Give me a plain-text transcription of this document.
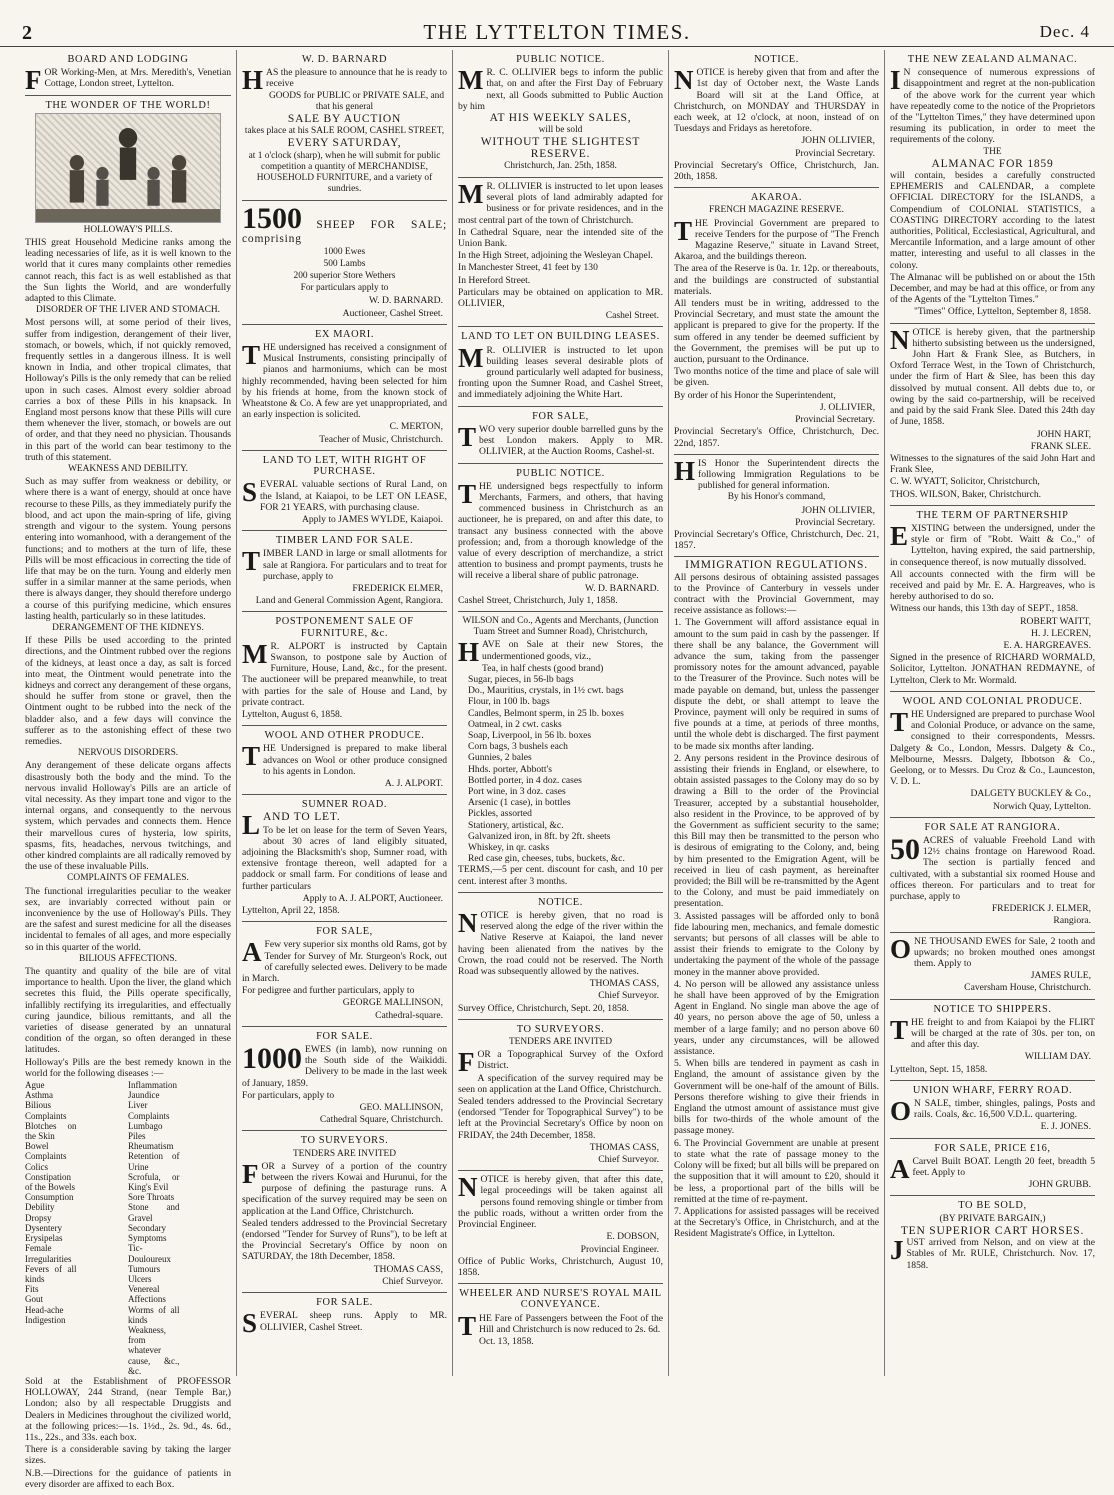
2	THE LYTTELTON TIMES.	Dec. 4
BOARD AND LODGING

FOR Working-Men, at Mrs. Meredith's, Venetian Cottage, London street, Lyttelton.

THE WONDER OF THE WORLD!
HOLLOWAY'S PILLS.

THIS great Household Medicine ranks among the leading necessaries of life, as it is well known to the world that it cures many complaints other remedies cannot reach, this fact is as well established as that the Sun lights the World, and are wonderfully adapted to this Climate.

DISORDER OF THE LIVER AND STOMACH.

Most persons will, at some period of their lives, suffer from indigestion, derangement of their liver, stomach, or bowels, which, if not quickly removed, frequently settles in a dangerous illness. It is well known in India, and other tropical climates, that Holloway's Pills is the only remedy that can be relied upon in such cases. Almost every soldier abroad carries a box of these Pills in his knapsack. In England most persons know that these Pills will cure them whenever the liver, stomach, or bowels are out of order, and that they need no physician. Thousands in this part of the world can bear testimony to the truth of this statement.

WEAKNESS AND DEBILITY.

Such as may suffer from weakness or debility, or where there is a want of energy, should at once have recourse to these Pills, as they immediately purify the blood, and act upon the main-spring of life, giving strength and vigour to the system. Young persons entering into womanhood, with a derangement of the functions; and to mothers at the turn of life, these Pills will be most efficacious in correcting the tide of life that may be on the turn. Young and elderly men suffer in a similar manner at the same periods, when there is always danger, they should therefore undergo a course of this purifying medicine, which ensures lasting health, particularly so in these latitudes.

DERANGEMENT OF THE KIDNEYS.

If these Pills be used according to the printed directions, and the Ointment rubbed over the regions of the kidneys, at least once a day, as salt is forced into meat, the Ointment would penetrate into the kidneys and correct any derangement of these organs, should he suffer from stone or gravel, then the Ointment ought to be rubbed into the neck of the bladder also, and a few days will convince the sufferer as to the astonishing effect of these two remedies.

NERVOUS DISORDERS.

Any derangement of these delicate organs affects disastrously both the body and the mind. To the nervous invalid Holloway's Pills are an article of vital necessity. As they impart tone and vigor to the internal organs, and consequently to the nervous system, which pervades and connects them. Hence their marvellous cures of hysteria, low spirits, spasms, fits, headaches, nervous twitchings, and other kindred complaints are all radically removed by the use of these invaluable Pills.

COMPLAINTS OF FEMALES.

The functional irregularities peculiar to the weaker sex, are invariably corrected without pain or inconvenience by the use of Holloway's Pills. They are the safest and surest medicine for all the diseases incidental to females of all ages, and more especially so in this quarter of the world.

BILIOUS AFFECTIONS.

The quantity and quality of the bile are of vital importance to health. Upon the liver, the gland which secretes this fluid, the Pills operate specifically, infallibly rectifying its irregularities, and effectually curing jaundice, bilious remittants, and all the varieties of disease generated by an unnatural condition of the organ, so often deranged in these latitudes.

Holloway's Pills are the best remedy known in the world for the following diseases :—

Ague
Asthma
Bilious Complaints
Blotches on the Skin
Bowel Complaints
Colics
Constipation of the Bowels
Consumption
Debility
Dropsy
Dysentery
Erysipelas
Female Irregularities
Fevers of all kinds
Fits
Gout
Head-ache
Indigestion
Inflammation
Jaundice
Liver Complaints
Lumbago
Piles
Rheumatism
Retention of Urine
Scrofula, or King's Evil
Sore Throats
Stone and Gravel
Secondary Symptoms
Tic-Douloureux
Tumours
Ulcers
Venereal Affections
Worms of all kinds
Weakness, from whatever cause, &c., &c.

Sold at the Establishment of PROFESSOR HOLLOWAY, 244 Strand, (near Temple Bar,) London; also by all respectable Druggists and Dealers in Medicines throughout the civilized world, at the following prices:—1s. 1½d., 2s. 9d., 4s. 6d., 11s., 22s., and 33s. each box.

There is a considerable saving by taking the larger sizes.

N.B.—Directions for the guidance of patients in every disorder are affixed to each Box.

W. D. BARNARD

HAS the pleasure to announce that he is ready to receive

GOODS for PUBLIC or PRIVATE SALE, and that his general
SALE BY AUCTION
takes place at his SALE ROOM, CASHEL STREET,
EVERY SATURDAY,
at 1 o'clock (sharp), when he will submit for public competition a quantity of MERCHANDISE, HOUSEHOLD FURNITURE, and a variety of sundries.

1500 SHEEP FOR SALE; comprising

1000 Ewes
500 Lambs
200 superior Store Wethers
For particulars apply to
W. D. BARNARD.
Auctioneer, Cashel Street.
EX MAORI.

THE undersigned has received a consignment of Musical Instruments, consisting principally of pianos and harmoniums, which can be most highly recommended, having been selected for him by his friends at home, from the known stock of Wheatstone & Co. A few are yet unappropriated, and an early inspection is solicited.

C. MERTON,
Teacher of Music, Christchurch.
LAND TO LET, WITH RIGHT OF PURCHASE.

SEVERAL valuable sections of Rural Land, on the Island, at Kaiapoi, to be LET ON LEASE, FOR 21 YEARS, with purchasing clause.

Apply to JAMES WYLDE, Kaiapoi.
TIMBER LAND FOR SALE.

TIMBER LAND in large or small allotments for sale at Rangiora. For particulars and to treat for purchase, apply to

FREDERICK ELMER,
Land and General Commission Agent, Rangiora.
POSTPONEMENT SALE OF FURNITURE, &c.

M R. ALPORT is instructed by Captain Swanson, to postpone sale by Auction of Furniture, House, Land, &c., for the present. The auctioneer will be prepared meanwhile, to treat with parties for the sale of House and Land, by private contract.

Lyttelton, August 6, 1858.

WOOL AND OTHER PRODUCE.

THE Undersigned is prepared to make liberal advances on Wool or other produce consigned to his agents in London.

A. J. ALPORT.
SUMNER ROAD.

LAND TO LET.

To be let on lease for the term of Seven Years, about 30 acres of land eligibly situated, adjoining the Blacksmith's shop, Sumner road, with extensive frontage thereon, well adapted for a paddock or small farm. For conditions of lease and further particulars

Apply to A. J. ALPORT, Auctioneer.

Lyttelton, April 22, 1858.

FOR SALE,

A Few very superior six months old Rams, got by Tender for Survey of Mr. Sturgeon's Rock, out of carefully selected ewes. Delivery to be made in March.

For pedigree and further particulars, apply to

GEORGE MALLINSON,
Cathedral-square.
FOR SALE.

1000 EWES (in lamb), now running on the South side of the Waikiddi. Delivery to be made in the last week of January, 1859.

For particulars, apply to

GEO. MALLINSON,
Cathedral Square, Christchurch.
TO SURVEYORS.
TENDERS ARE INVITED

FOR a Survey of a portion of the country between the rivers Kowai and Hurunui, for the purpose of defining the pasturage runs. A specification of the survey required may be seen on application at the Land Office, Christchurch.

Sealed tenders addressed to the Provincial Secretary (endorsed "Tender for Survey of Runs"), to be left at the Provincial Secretary's Office by noon on SATURDAY, the 18th December, 1858.

THOMAS CASS,
Chief Surveyor.
FOR SALE.

SEVERAL sheep runs. Apply to MR. OLLIVIER, Cashel Street.

PUBLIC NOTICE.

M R. C. OLLIVIER begs to inform the public that, on and after the First Day of February next, all Goods submitted to Public Auction by him

AT HIS WEEKLY SALES,
will be sold
WITHOUT THE SLIGHTEST RESERVE.
Christchurch, Jan. 25th, 1858.

M R. OLLIVIER is instructed to let upon leases several plots of land admirably adapted for business or for private residences, and in the most central part of the town of Christchurch.

In Cathedral Square, near the intended site of the Union Bank.

In the High Street, adjoining the Wesleyan Chapel.

In Manchester Street, 41 feet by 130

In Hereford Street.

Particulars may be obtained on application to MR. OLLIVIER,

Cashel Street.
LAND TO LET ON BUILDING LEASES.

M R. OLLIVIER is instructed to let upon building leases several desirable plots of ground particularly well adapted for business, fronting upon the Sumner Road, and Cashel Street, and immediately adjoining the White Hart.

FOR SALE,

TWO very superior double barrelled guns by the best London makers. Apply to MR. OLLIVIER, at the Auction Rooms, Cashel-st.

PUBLIC NOTICE.

THE undersigned begs respectfully to inform Merchants, Farmers, and others, that having commenced business in Christchurch as an auctioneer, he is prepared, on and after this date, to transact any business connected with the above profession; and, from a thorough knowledge of the value of every description of merchandize, a strict attention to business and prompt payments, trusts he will receive a liberal share of public patronage.

W. D. BARNARD.

Cashel Street, Christchurch, July 1, 1858.

WILSON and Co., Agents and Merchants, (Junction Tuam Street and Sumner Road), Christchurch,

HAVE on Sale at their new Stores, the undermentioned goods, viz.,

Tea, in half chests (good brand)
Sugar, pieces, in 56-lb bags
Do., Mauritius, crystals, in 1½ cwt. bags
Flour, in 100 lb. bags
Candles, Belmont sperm, in 25 lb. boxes
Oatmeal, in 2 cwt. casks
Soap, Liverpool, in 56 lb. boxes
Corn bags, 3 bushels each
Gunnies, 2 bales
Hhds. porter, Abbott's
Bottled porter, in 4 doz. cases
Port wine, in 3 doz. cases
Arsenic (1 case), in bottles
Pickles, assorted
Stationery, artistical, &c.
Galvanized iron, in 8ft. by 2ft. sheets
Whiskey, in qr. casks
Red case gin, cheeses, tubs, buckets, &c.

TERMS,—5 per cent. discount for cash, and 10 per cent. interest after 3 months.

NOTICE.

NOTICE is hereby given, that no road is reserved along the edge of the river within the Native Reserve at Kaiapoi, the land never having been alienated from the natives by the Crown, the road could not be reserved. The North Road was subsequently allowed by the natives.

THOMAS CASS,
Chief Surveyor.

Survey Office, Christchurch, Sept. 20, 1858.

TO SURVEYORS.
TENDERS ARE INVITED

FOR a Topographical Survey of the Oxford District.

A specification of the survey required may be seen on application at the Land Office, Christchurch.

Sealed tenders addressed to the Provincial Secretary (endorsed "Tender for Topographical Survey") to be left at the Provincial Secretary's Office by noon on FRIDAY, the 24th December, 1858.

THOMAS CASS,
Chief Surveyor.

NOTICE is hereby given, that after this date, legal proceedings will be taken against all persons found removing shingle or timber from the public roads, without a written order from the Provincial Engineer.

E. DOBSON,
Provincial Engineer.

Office of Public Works, Christchurch, August 10, 1858.

WHEELER AND NURSE'S ROYAL MAIL CONVEYANCE.

THE Fare of Passengers between the Foot of the Hill and Christchurch is now reduced to 2s. 6d.

Oct. 13, 1858.

NOTICE.

NOTICE is hereby given that from and after the 1st day of October next, the Waste Lands Board will sit at the Land Office, at Christchurch, on MONDAY and THURSDAY in each week, at 12 o'clock, at noon, instead of on Tuesdays and Fridays as heretofore.

JOHN OLLIVIER,
Provincial Secretary.

Provincial Secretary's Office, Christchurch, Jan. 20th, 1858.

AKAROA.
FRENCH MAGAZINE RESERVE.

THE Provincial Government are prepared to receive Tenders for the purpose of "The French Magazine Reserve," situate in Lavand Street, Akaroa, and the buildings thereon.

The area of the Reserve is 0a. 1r. 12p. or thereabouts, and the buildings are constructed of substantial materials.

All tenders must be in writing, addressed to the Provincial Secretary, and must state the amount the applicant is prepared to give for the property. If the sum offered in any tender be deemed sufficient by the Government, the premises will be put up to auction, pursuant to the Ordinance.

Two months notice of the time and place of sale will be given.

By order of his Honor the Superintendent,

J. OLLIVIER,
Provincial Secretary.

Provincial Secretary's Office, Christchurch, Dec. 22nd, 1857.

HIS Honor the Superintendent directs the following Immigration Regulations to be published for general information.

By his Honor's command,
JOHN OLLIVIER,
Provincial Secretary.

Provincial Secretary's Office, Christchurch, Dec. 21, 1857.

IMMIGRATION REGULATIONS.

All persons desirous of obtaining assisted passages to the Province of Canterbury in vessels under contract with the Provincial Government, may receive assistance as follows:—

1. The Government will afford assistance equal in amount to the sum paid in cash by the passenger. If there shall be any balance, the Government will advance the sum, taking from the passenger promissory notes for the amount advanced, payable to the Treasurer of the Province. Such notes will be made payable on demand, but, unless the passenger dispute the debt, or shall attempt to leave the Province, payment will only be required in sums of five pounds at a time, at periods of three months, until the whole debt is discharged. The first payment to be made six months after landing.

2. Any persons resident in the Province desirous of assisting their friends in England, or elsewhere, to obtain assisted passages to the Colony may do so by drawing a Bill to the order of the Provincial Treasurer, accepted by a substantial householder, also resident in the Province, to be approved of by the Government as sufficient security to the same; this Bill may then be transmitted to the person who is desirous of emigrating to the Colony, and, being by him presented to the Emigration Agent, will be received in lieu of cash payment, as hereinafter provided; the Bill will be re-transmitted by the Agent to the Colony, and must be paid immediately on presentation.

3. Assisted passages will be afforded only to bonâ fide labouring men, mechanics, and female domestic servants; but persons of all classes will be able to assist their friends to emigrate to the Colony by undertaking the payment of the whole of the passage money in the manner above provided.

4. No person will be allowed any assistance unless he shall have been approved of by the Emigration Agent in England. No single man above the age of 40 years, no person above the age of 50, unless a member of a large family; and no person above 60 years, under any circumstances, will be allowed assistance.

5. When bills are tendered in payment as cash in England, the amount of assistance given by the Government will be one-half of the amount of Bills. Persons therefore wishing to give their friends in England the utmost amount of assistance must give bills for two-thirds of the whole amount of the passage money.

6. The Provincial Government are unable at present to state what the rate of passage money to the Colony will be fixed; but all bills will be prepared on the supposition that it will amount to £20, should it be less, a proportional part of the bills will be remitted at the time of re-payment.

7. Applications for assisted passages will be received at the Secretary's Office, in Christchurch, and at the Resident Magistrate's Office, in Lyttelton.

THE NEW ZEALAND ALMANAC.

I N consequence of numerous expressions of disappointment and regret at the non-publication of the above work for the current year which have repeatedly come to the notice of the Proprietors of the "Lyttelton Times," they have determined upon resuming its publication, in order to meet the requirements of the colony.

THE
ALMANAC FOR 1859

will contain, besides a carefully constructed EPHEMERIS and CALENDAR, a complete OFFICIAL DIRECTORY for the ISLANDS, a Compendium of COLONIAL STATISTICS, a COASTING DIRECTORY according to the latest authorities, Political, Ecclesiastical, Agricultural, and Mercantile Information, and a large amount of other matter, interesting and useful to all classes in the colony.

The Almanac will be published on or about the 15th December, and may be had at this office, or from any of the Agents of the "Lyttelton Times."

"Times" Office, Lyttelton, September 8, 1858.

NOTICE is hereby given, that the partnership hitherto subsisting between us the undersigned, John Hart & Frank Slee, as Butchers, in Oxford Terrace West, in the Town of Christchurch, under the firm of Hart & Slee, has been this day dissolved by mutual consent. All debts due to, or owing by the said co-partnership, will be received and paid by the said Frank Slee. Dated this 24th day of June, 1858.

JOHN HART,
FRANK SLEE.

Witnesses to the signatures of the said John Hart and Frank Slee,

C. W. WYATT, Solicitor, Christchurch,

THOS. WILSON, Baker, Christchurch.

THE TERM OF PARTNERSHIP

EXISTING between the undersigned, under the style or firm of "Robt. Waitt & Co.," of Lyttelton, having expired, the said partnership, in consequence thereof, is now mutually dissolved.

All accounts connected with the firm will be received and paid by Mr. E. A. Hargreaves, who is hereby authorised to do so.

Witness our hands, this 13th day of SEPT., 1858.

ROBERT WAITT,
H. J. LECREN,
E. A. HARGREAVES.

Signed in the presence of RICHARD WORMALD, Solicitor, Lyttelton. JONATHAN REDMAYNE, of Lyttelton, Clerk to Mr. Wormald.

WOOL AND COLONIAL PRODUCE.

THE Undersigned are prepared to purchase Wool and Colonial Produce, or advance on the same, consigned to their correspondents, Messrs. Dalgety & Co., London, Messrs. Dalgety & Co., Melbourne, Messrs. Dalgety, Ibbotson & Co., Geelong, or to Messrs. Du Croz & Co., Launceston, V. D. L.

DALGETY BUCKLEY & Co.,
Norwich Quay, Lyttelton.
FOR SALE AT RANGIORA.

50 ACRES of valuable Freehold Land with 12½ chains frontage on Harewood Road. The section is partially fenced and cultivated, with a substantial six roomed House and offices thereon. For particulars and to treat for purchase, apply to

FREDERICK J. ELMER,
Rangiora.

ONE THOUSAND EWES for Sale, 2 tooth and upwards; no broken mouthed ones amongst them. Apply to

JAMES RULE,
Caversham House, Christchurch.
NOTICE TO SHIPPERS.

THE freight to and from Kaiapoi by the FLIRT will be charged at the rate of 30s. per ton, on and after this day.

WILLIAM DAY.

Lyttelton, Sept. 15, 1858.

UNION WHARF, FERRY ROAD.

O N SALE, timber, shingles, palings, Posts and rails. Coals, &c. 16,500 V.D.L. quartering.

E. J. JONES.
FOR SALE, PRICE £16,

A Carvel Built BOAT. Length 20 feet, breadth 5 feet. Apply to

JOHN GRUBB.
TO BE SOLD,
(BY PRIVATE BARGAIN,)
TEN SUPERIOR CART HORSES.

JUST arrived from Nelson, and on view at the Stables of Mr. RULE, Christchurch. Nov. 17, 1858.
